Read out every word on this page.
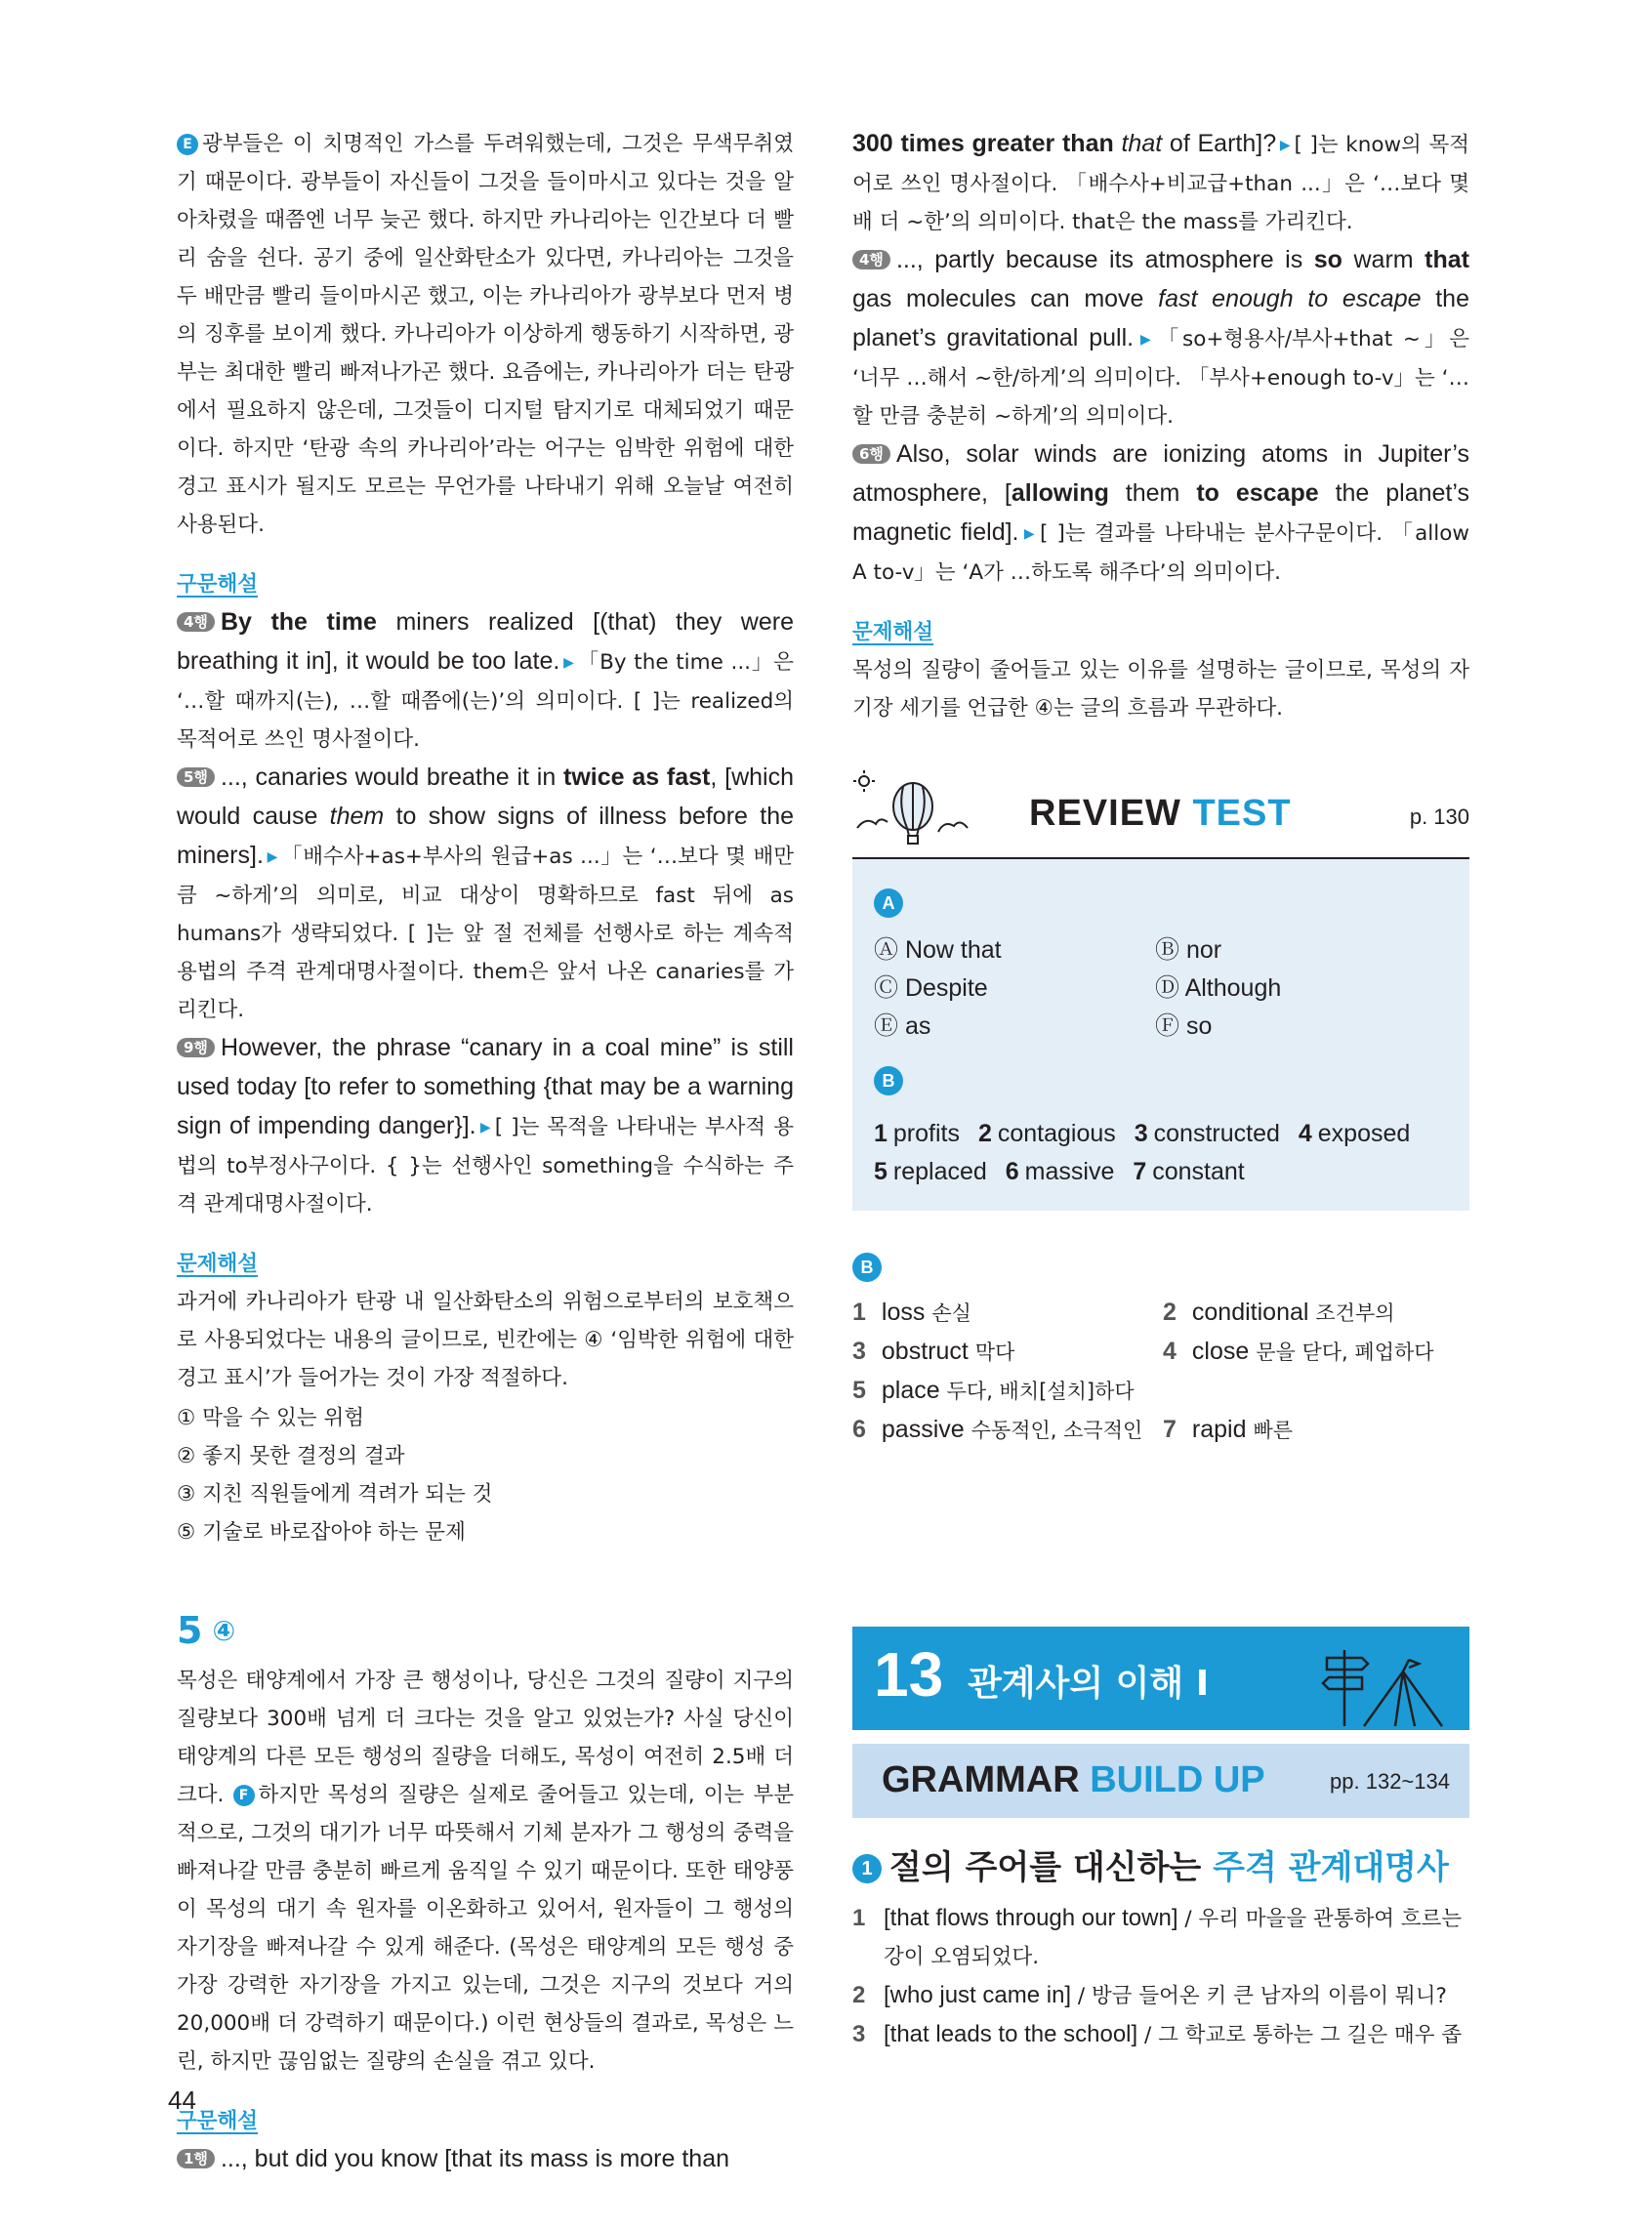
E 광부들은 이 치명적인 가스를 두려워했는데, 그것은 무색무취였기 때문이다. 광부들이 자신들이 그것을 들이마시고 있다는 것을 알아차렸을 때쯤엔 너무 늦곤 했다. 하지만 카나리아는 인간보다 더 빨리 숨을 쉰다. 공기 중에 일산화탄소가 있다면, 카나리아는 그것을 두 배만큼 빨리 들이마시곤 했고, 이는 카나리아가 광부보다 먼저 병의 징후를 보이게 했다. 카나리아가 이상하게 행동하기 시작하면, 광부는 최대한 빨리 빠져나가곤 했다. 요즘에는, 카나리아가 더는 탄광에서 필요하지 않은데, 그것들이 디지털 탐지기로 대체되었기 때문이다. 하지만 ‘탄광 속의 카나리아’라는 어구는 임박한 위험에 대한 경고 표시가 될지도 모르는 무언가를 나타내기 위해 오늘날 여전히 사용된다.

구문해설

4행 By the time miners realized [(that) they were breathing it in], it would be too late. ▶ 「By the time ...」은 ‘…할 때까지(는), …할 때쯤에(는)’의 의미이다. [ ]는 realized의 목적어로 쓰인 명사절이다.

5행 ..., canaries would breathe it in twice as fast, [which would cause them to show signs of illness before the miners]. ▶ 「배수사+as+부사의 원급+as ...」는 ‘…보다 몇 배만큼 ~하게’의 의미로, 비교 대상이 명확하므로 fast 뒤에 as humans가 생략되었다. [ ]는 앞 절 전체를 선행사로 하는 계속적 용법의 주격 관계대명사절이다. them은 앞서 나온 canaries를 가리킨다.

9행 However, the phrase “canary in a coal mine” is still used today [to refer to something {that may be a warning sign of impending danger}]. ▶ [ ]는 목적을 나타내는 부사적 용법의 to부정사구이다. { }는 선행사인 something을 수식하는 주격 관계대명사절이다.

문제해설

과거에 카나리아가 탄광 내 일산화탄소의 위험으로부터의 보호책으로 사용되었다는 내용의 글이므로, 빈칸에는 ④ ‘임박한 위험에 대한 경고 표시’가 들어가는 것이 가장 적절하다.

① 막을 수 있는 위험
② 좋지 못한 결정의 결과
③ 지친 직원들에게 격려가 되는 것
⑤ 기술로 바로잡아야 하는 문제
5 ④

목성은 태양계에서 가장 큰 행성이나, 당신은 그것의 질량이 지구의 질량보다 300배 넘게 더 크다는 것을 알고 있었는가? 사실 당신이 태양계의 다른 모든 행성의 질량을 더해도, 목성이 여전히 2.5배 더 크다. F 하지만 목성의 질량은 실제로 줄어들고 있는데, 이는 부분적으로, 그것의 대기가 너무 따뜻해서 기체 분자가 그 행성의 중력을 빠져나갈 만큼 충분히 빠르게 움직일 수 있기 때문이다. 또한 태양풍이 목성의 대기 속 원자를 이온화하고 있어서, 원자들이 그 행성의 자기장을 빠져나갈 수 있게 해준다. (목성은 태양계의 모든 행성 중 가장 강력한 자기장을 가지고 있는데, 그것은 지구의 것보다 거의 20,000배 더 강력하기 때문이다.) 이런 현상들의 결과로, 목성은 느린, 하지만 끊임없는 질량의 손실을 겪고 있다.

구문해설

1행 ..., but did you know [that its mass is more than

300 times greater than that of Earth]? ▶ [ ]는 know의 목적어로 쓰인 명사절이다. 「배수사+비교급+than ...」은 ‘…보다 몇 배 더 ~한’의 의미이다. that은 the mass를 가리킨다.

4행 ..., partly because its atmosphere is so warm that gas molecules can move fast enough to escape the planet’s gravitational pull. ▶ 「so+형용사/부사+that ~」은 ‘너무 …해서 ~한/하게’의 의미이다. 「부사+enough to-v」는 ‘…할 만큼 충분히 ~하게’의 의미이다.

6행 Also, solar winds are ionizing atoms in Jupiter’s atmosphere, [allowing them to escape the planet’s magnetic field]. ▶ [ ]는 결과를 나타내는 분사구문이다. 「allow A to-v」는 ‘A가 …하도록 해주다’의 의미이다.

문제해설

목성의 질량이 줄어들고 있는 이유를 설명하는 글이므로, 목성의 자기장 세기를 언급한 ④는 글의 흐름과 무관하다.

REVIEW TEST	p. 130
A
Ⓐ Now that	Ⓑ nor
Ⓒ Despite	Ⓓ Although
Ⓔ as	Ⓕ so
B
1 profits 2 contagious 3 constructed 4 exposed
5 replaced 6 massive 7 constant
B
1 loss 손실	2 conditional 조건부의
3 obstruct 막다	4 close 문을 닫다, 폐업하다
5 place 두다, 배치[설치]하다
6 passive 수동적인, 소극적인 7 rapid 빠른
13 관계사의 이해 I
GRAMMAR BUILD UP	pp. 132~134
1 절의 주어를 대신하는 주격 관계대명사
1 [that flows through our town] / 우리 마을을 관통하여 흐르는 강이 오염되었다.
2 [who just came in] / 방금 들어온 키 큰 남자의 이름이 뭐니?
3 [that leads to the school] / 그 학교로 통하는 그 길은 매우 좁
44
